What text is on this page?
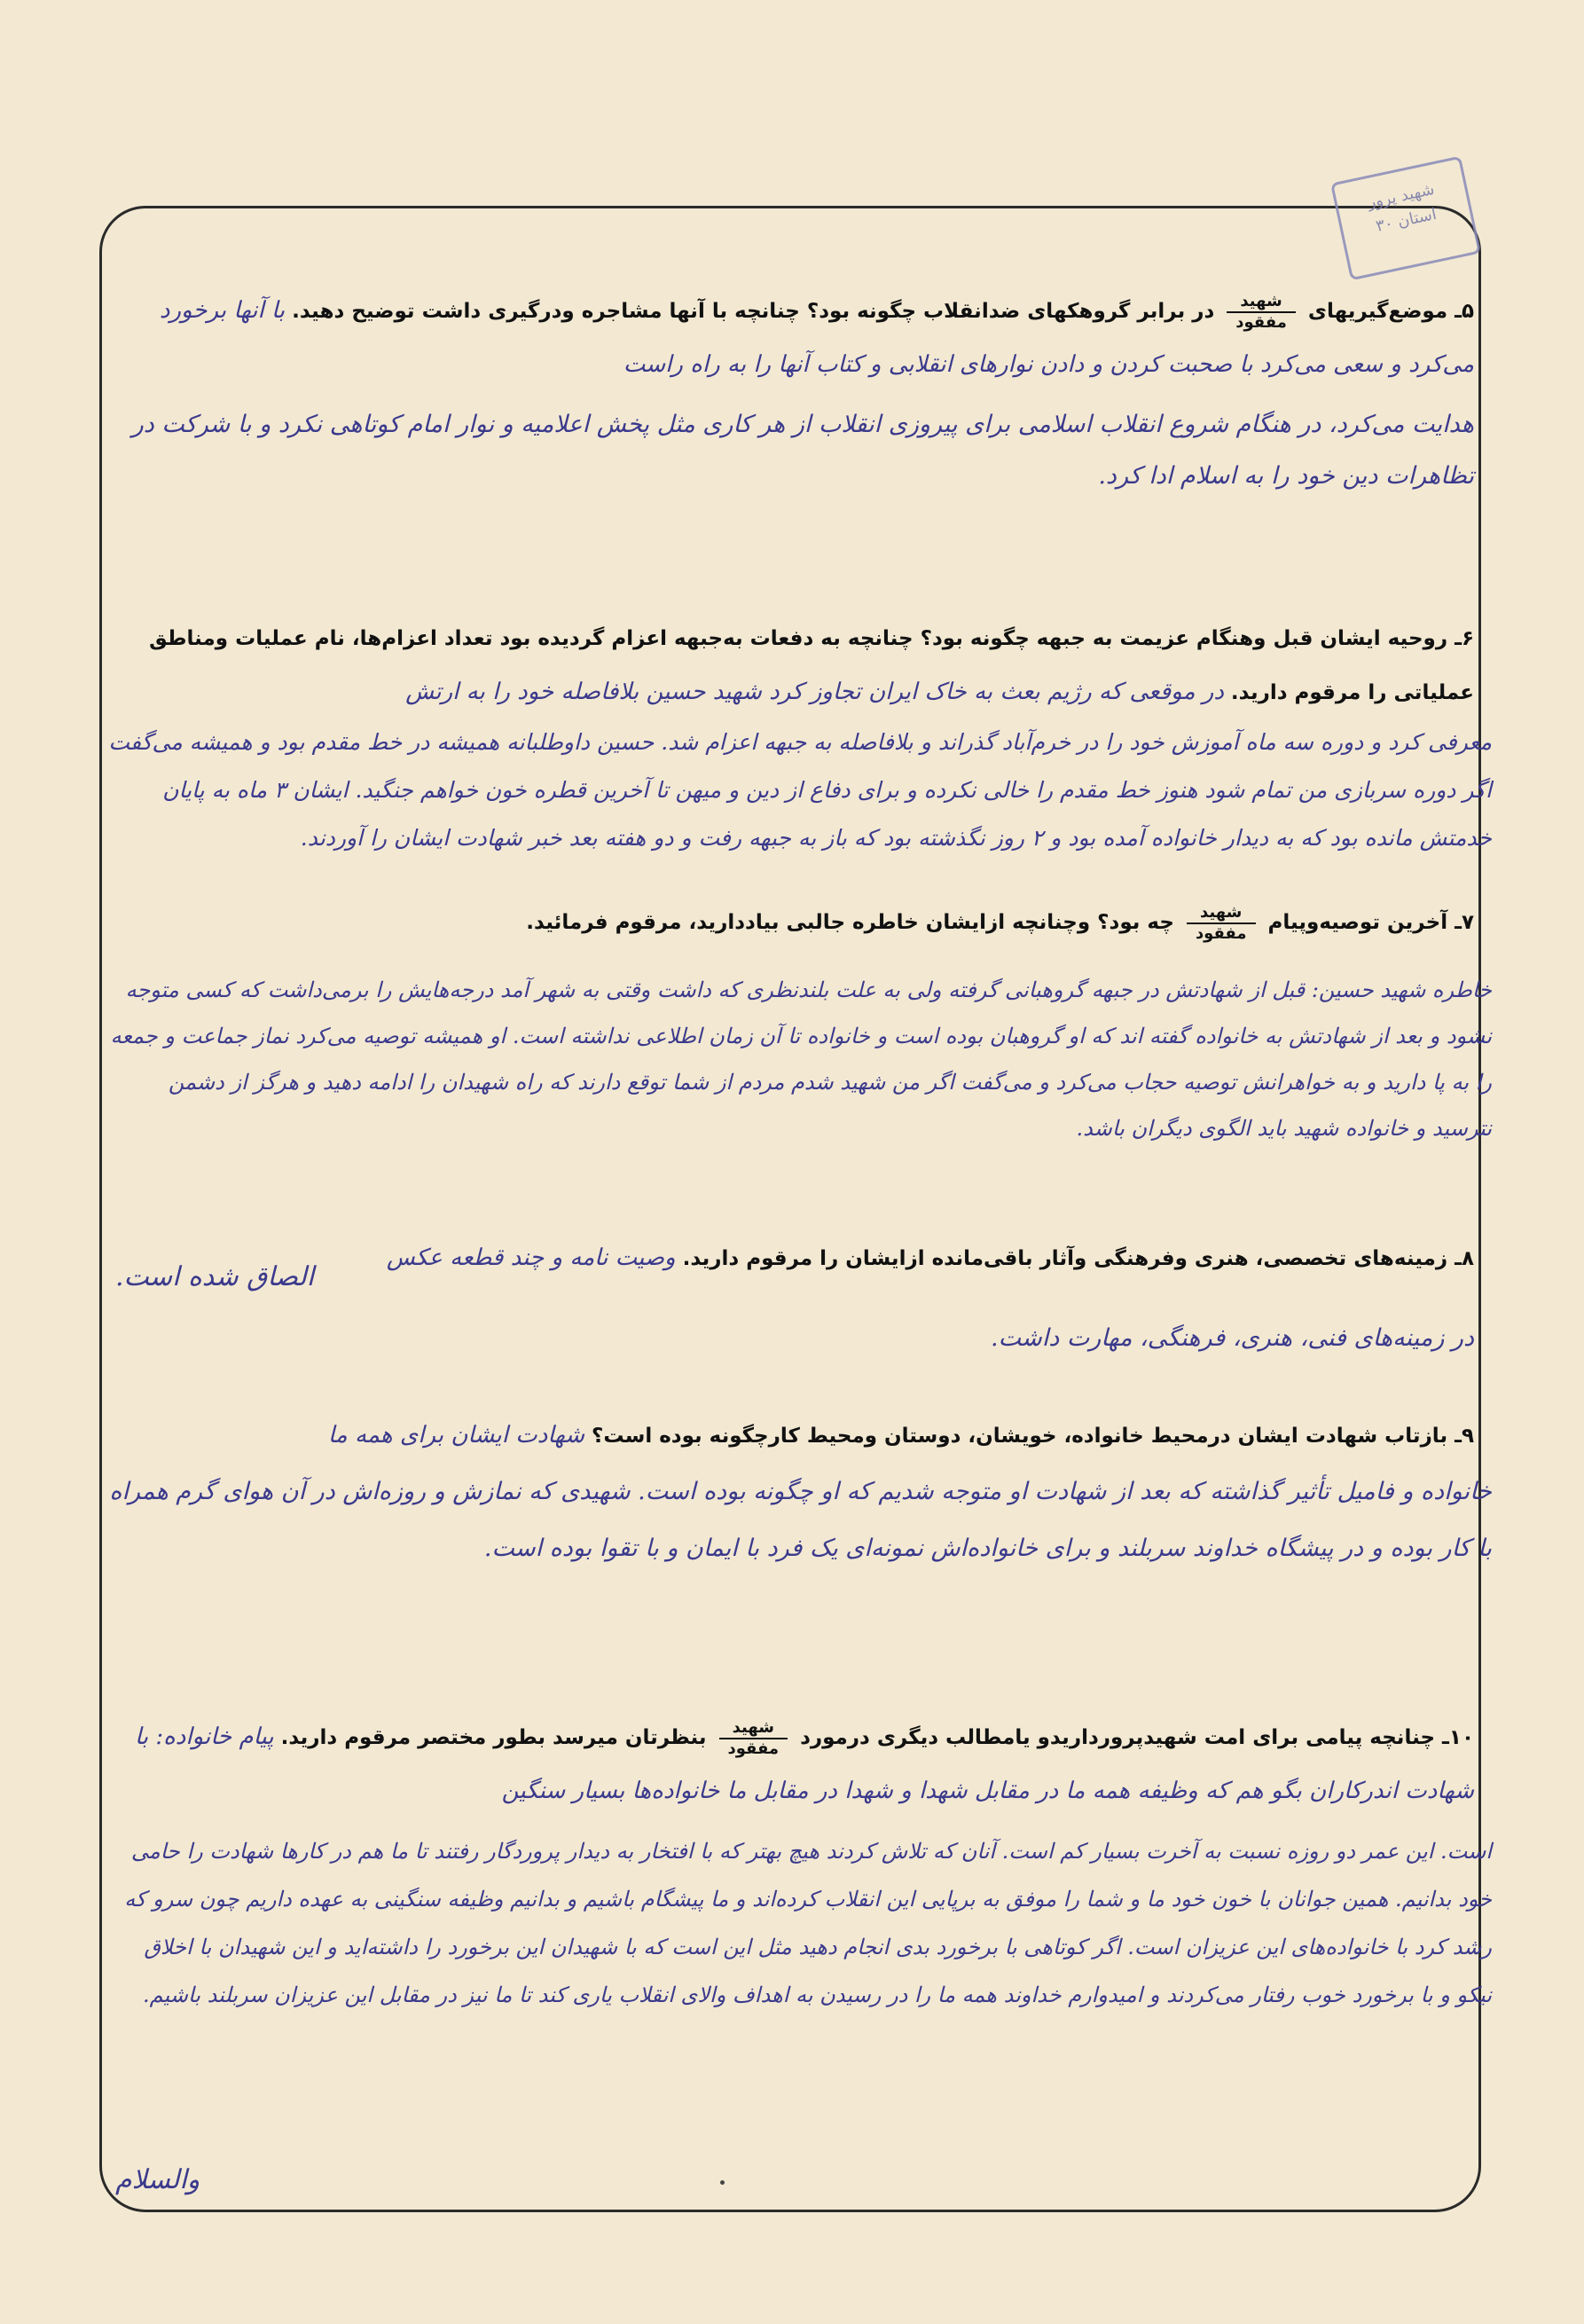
شهید پرور
استان ۳۰
۵ـ موضع‌گیریهای
$\frac{\text{شهید}}{\text{مفقود}}$
در برابر گروهکهای ضدانقلاب چگونه بود؟ چنانچه با آنها مشاجره ودرگیری داشت توضیح دهید. با آنها برخورد می‌کرد و سعی می‌کرد با صحبت کردن و دادن نوارهای انقلابی و کتاب آنها را به راه راست
هدایت می‌کرد، در هنگام شروع انقلاب اسلامی برای پیروزی انقلاب از هر کاری مثل پخش اعلامیه و نوار امام کوتاهی نکرد و با شرکت در تظاهرات دین خود را به اسلام ادا کرد.
۶ـ روحیه ایشان قبل وهنگام عزیمت به جبهه چگونه بود؟ چنانچه به دفعات به‌جبهه اعزام گردیده بود تعداد اعزام‌ها، نام عملیات ومناطق عملیاتی را مرقوم دارید. در موقعی که رژیم بعث به خاک ایران تجاوز کرد شهید حسین بلافاصله خود را به ارتش
معرفی کرد و دوره سه ماه آموزش خود را در خرم‌آباد گذراند و بلافاصله به جبهه اعزام شد. حسین داوطلبانه همیشه در خط مقدم بود و همیشه می‌گفت اگر دوره سربازی من تمام شود هنوز خط مقدم را خالی نکرده و برای دفاع از دین و میهن تا آخرین قطره خون خواهم جنگید. ایشان ۳ ماه به پایان خدمتش مانده بود که به دیدار خانواده آمده بود و ۲ روز نگذشته بود که باز به جبهه رفت و دو هفته بعد خبر شهادت ایشان را آوردند.
۷ـ آخرین توصیه‌وپیام
$\frac{\text{شهید}}{\text{مفقود}}$
چه بود؟ وچنانچه ازایشان خاطره جالبی بیاددارید، مرقوم فرمائید.
خاطره شهید حسین: قبل از شهادتش در جبهه گروهبانی گرفته ولی به علت بلندنظری که داشت وقتی به شهر آمد درجه‌هایش را برمی‌داشت که کسی متوجه نشود و بعد از شهادتش به خانواده گفته اند که او گروهبان بوده است و خانواده تا آن زمان اطلاعی نداشته است. او همیشه توصیه می‌کرد نماز جماعت و جمعه را به پا دارید و به خواهرانش توصیه حجاب می‌کرد و می‌گفت اگر من شهید شدم مردم از شما توقع دارند که راه شهیدان را ادامه دهید و هرگز از دشمن نترسید و خانواده شهید باید الگوی دیگران باشد.
۸ـ زمینه‌های تخصصی، هنری وفرهنگی وآثار باقی‌مانده ازایشان را مرقوم دارید. وصیت نامه و چند قطعه عکس
الصاق شده است.
در زمینه‌های فنی، هنری، فرهنگی، مهارت داشت.
۹ـ بازتاب شهادت ایشان درمحیط خانواده، خویشان، دوستان ومحیط کارچگونه بوده است؟ شهادت ایشان برای همه ما
خانواده و فامیل تأثیر گذاشته که بعد از شهادت او متوجه شدیم که او چگونه بوده است. شهیدی که نمازش و روزه‌اش در آن هوای گرم همراه با کار بوده و در پیشگاه خداوند سربلند و برای خانواده‌اش نمونه‌ای یک فرد با ایمان و با تقوا بوده است.
۱۰ـ چنانچه پیامی برای امت شهیدپرورداریدو یامطالب دیگری درمورد
$\frac{\text{شهید}}{\text{مفقود}}$
بنظرتان میرسد بطور مختصر مرقوم دارید. پیام خانواده: با شهادت اندرکاران بگو هم که وظیفه همه ما در مقابل شهدا و شهدا در مقابل ما خانواده‌ها بسیار سنگین
است. این عمر دو روزه نسبت به آخرت بسیار کم است. آنان که تلاش کردند هیچ بهتر که با افتخار به دیدار پروردگار رفتند تا ما هم در کارها شهادت را حامی خود بدانیم. همین جوانان با خون خود ما و شما را موفق به برپایی این انقلاب کرده‌اند و ما پیشگام باشیم و بدانیم وظیفه سنگینی به عهده داریم چون سرو که رشد کرد با خانواده‌های این عزیزان است. اگر کوتاهی با برخورد بدی انجام دهید مثل این است که با شهیدان این برخورد را داشته‌اید و این شهیدان با اخلاق نیکو و با برخورد خوب رفتار می‌کردند و امیدوارم خداوند همه ما را در رسیدن به اهداف والای انقلاب یاری کند تا ما نیز در مقابل این عزیزان سربلند باشیم.
والسلام
